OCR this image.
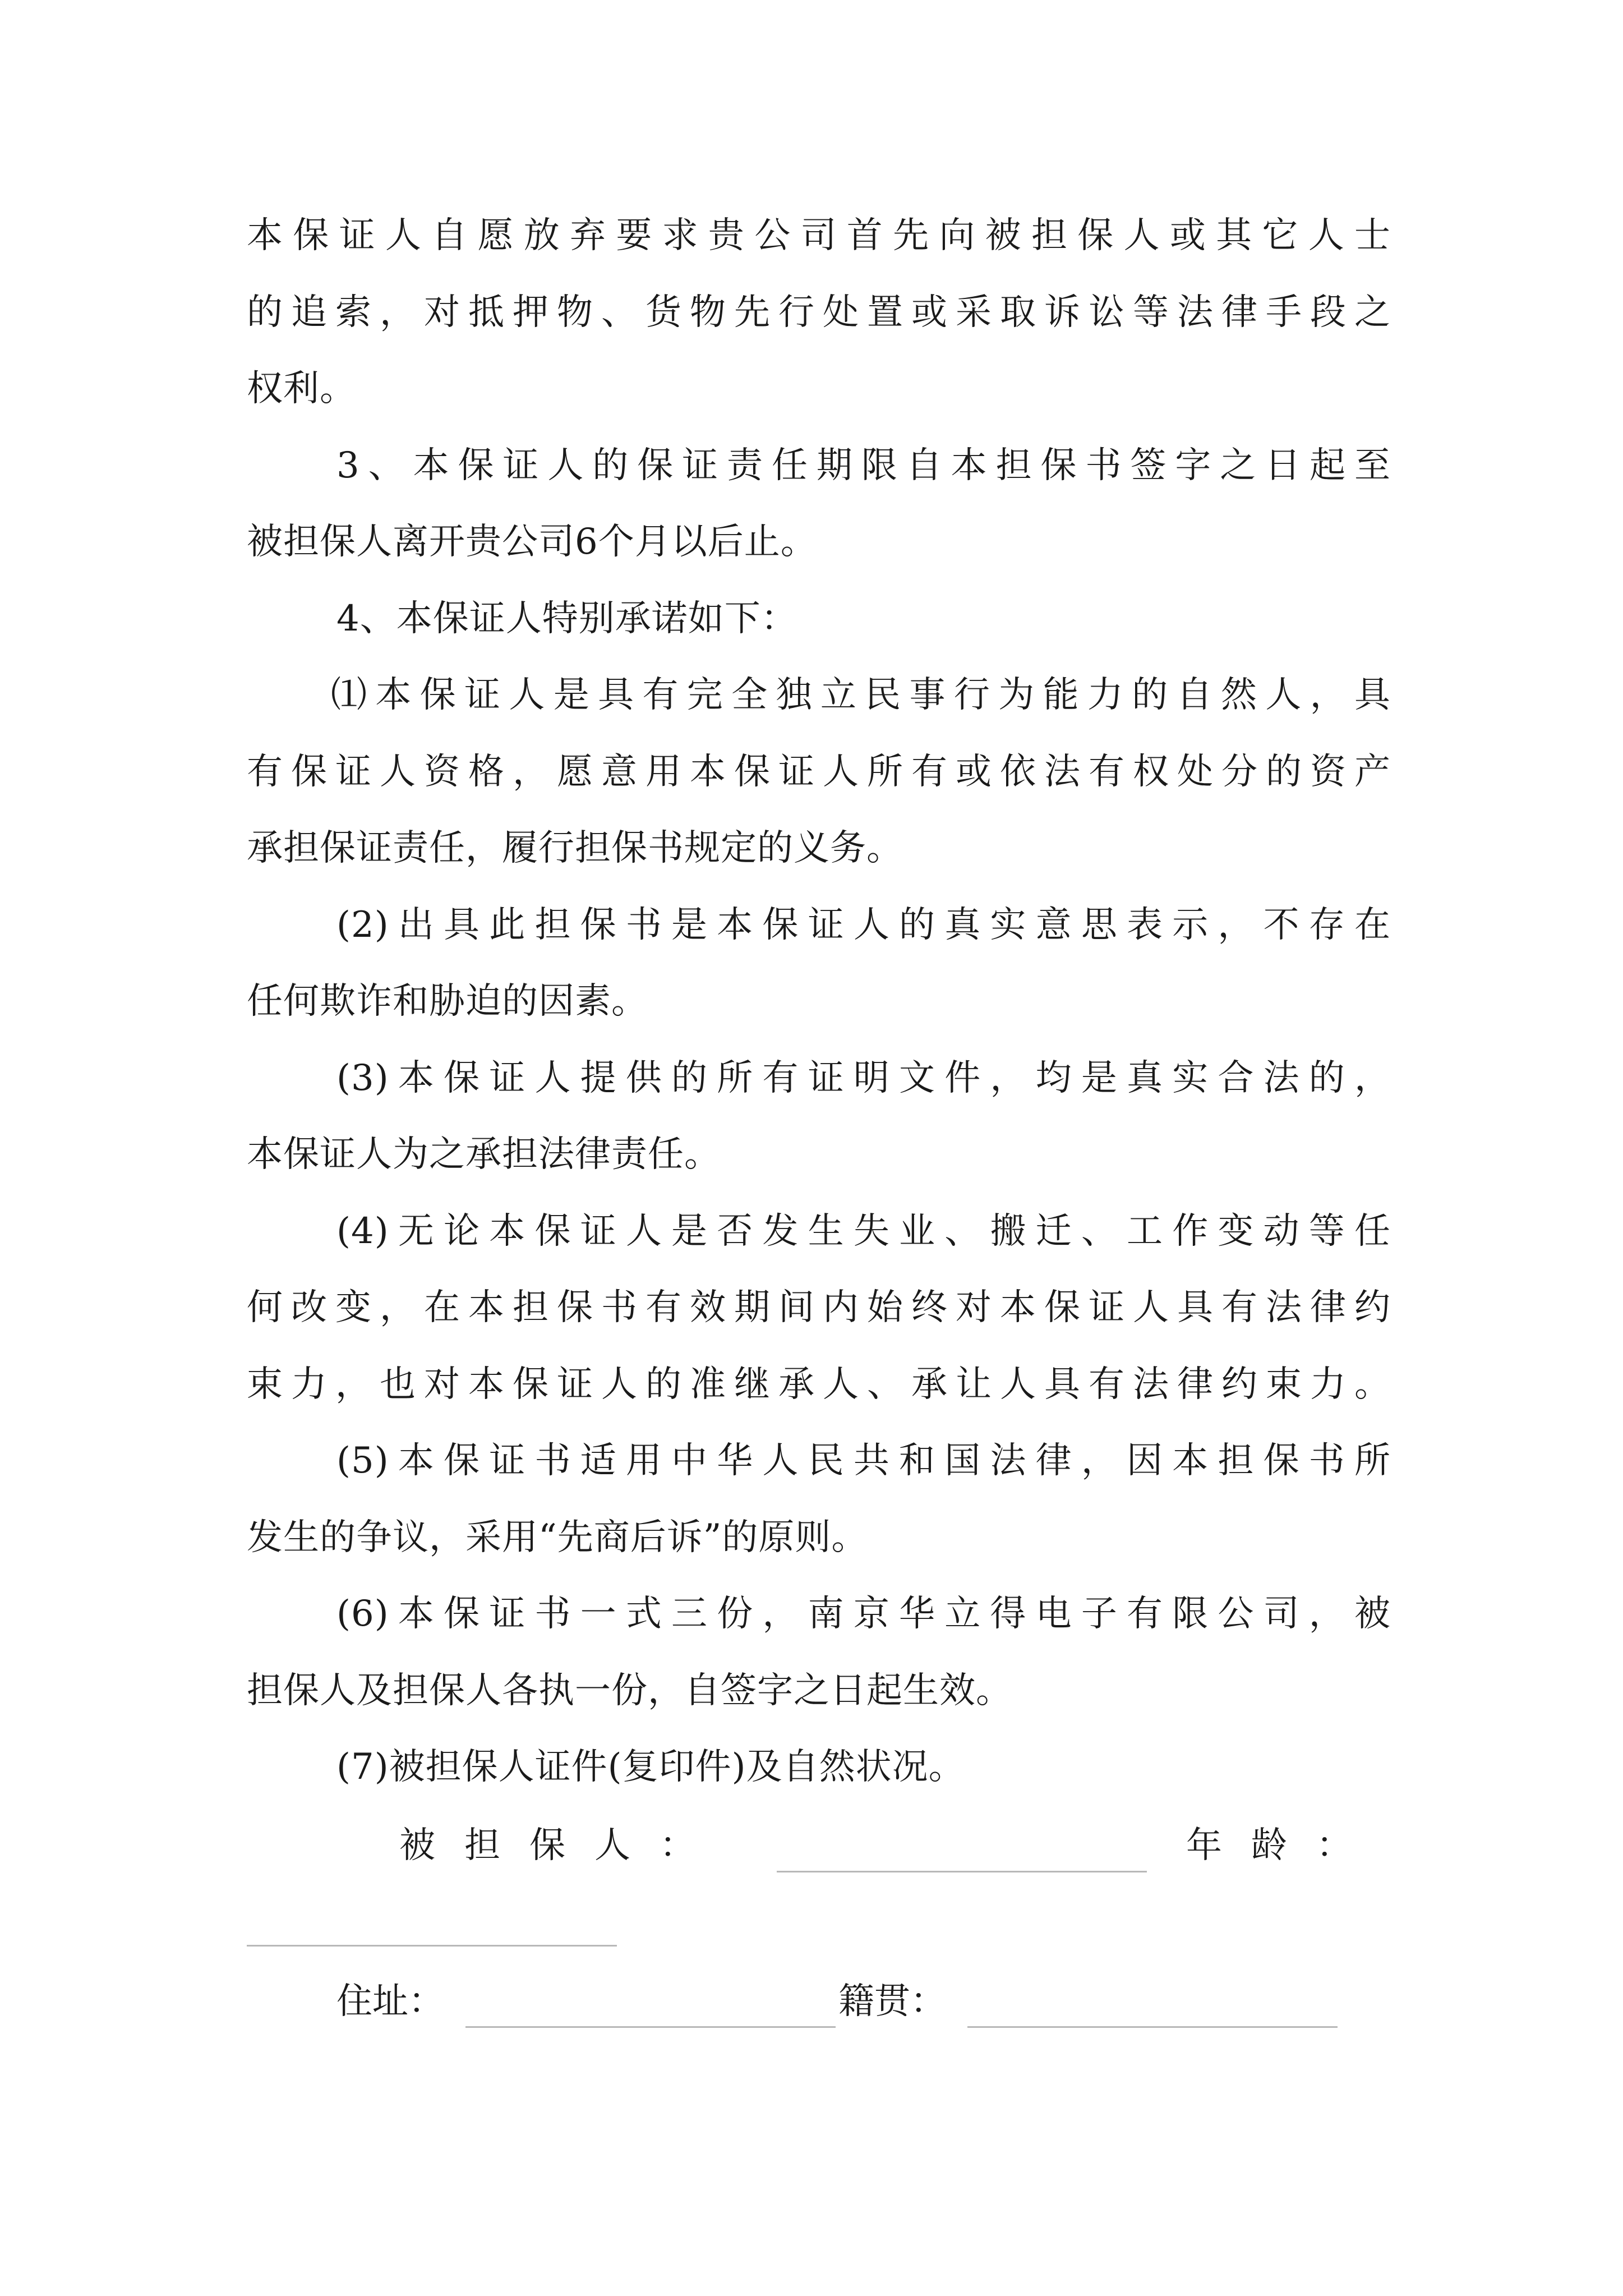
本保证人自愿放弃要求贵公司首先向被担保人或其它人士
的追索，对抵押物、货物先行处置或采取诉讼等法律手段之
权利。
3、本保证人的保证责任期限自本担保书签字之日起至
被担保人离开贵公司6个月以后止。
4、本保证人特别承诺如下：
⑴本保证人是具有完全独立民事行为能力的自然人，具
有保证人资格，愿意用本保证人所有或依法有权处分的资产
承担保证责任，履行担保书规定的义务。
(2)出具此担保书是本保证人的真实意思表示，不存在
任何欺诈和胁迫的因素。
(3)本保证人提供的所有证明文件，均是真实合法的，
本保证人为之承担法律责任。
(4)无论本保证人是否发生失业、搬迁、工作变动等任
何改变，在本担保书有效期间内始终对本保证人具有法律约
束力，也对本保证人的准继承人、承让人具有法律约束力。
(5)本保证书适用中华人民共和国法律，因本担保书所
发生的争议，采用“先商后诉”的原则。
(6)本保证书一式三份，南京华立得电子有限公司，被
担保人及担保人各执一份，自签字之日起生效。
(7)被担保人证件(复印件)及自然状况。
被担保人：	年龄：
住址：	籍贯：
